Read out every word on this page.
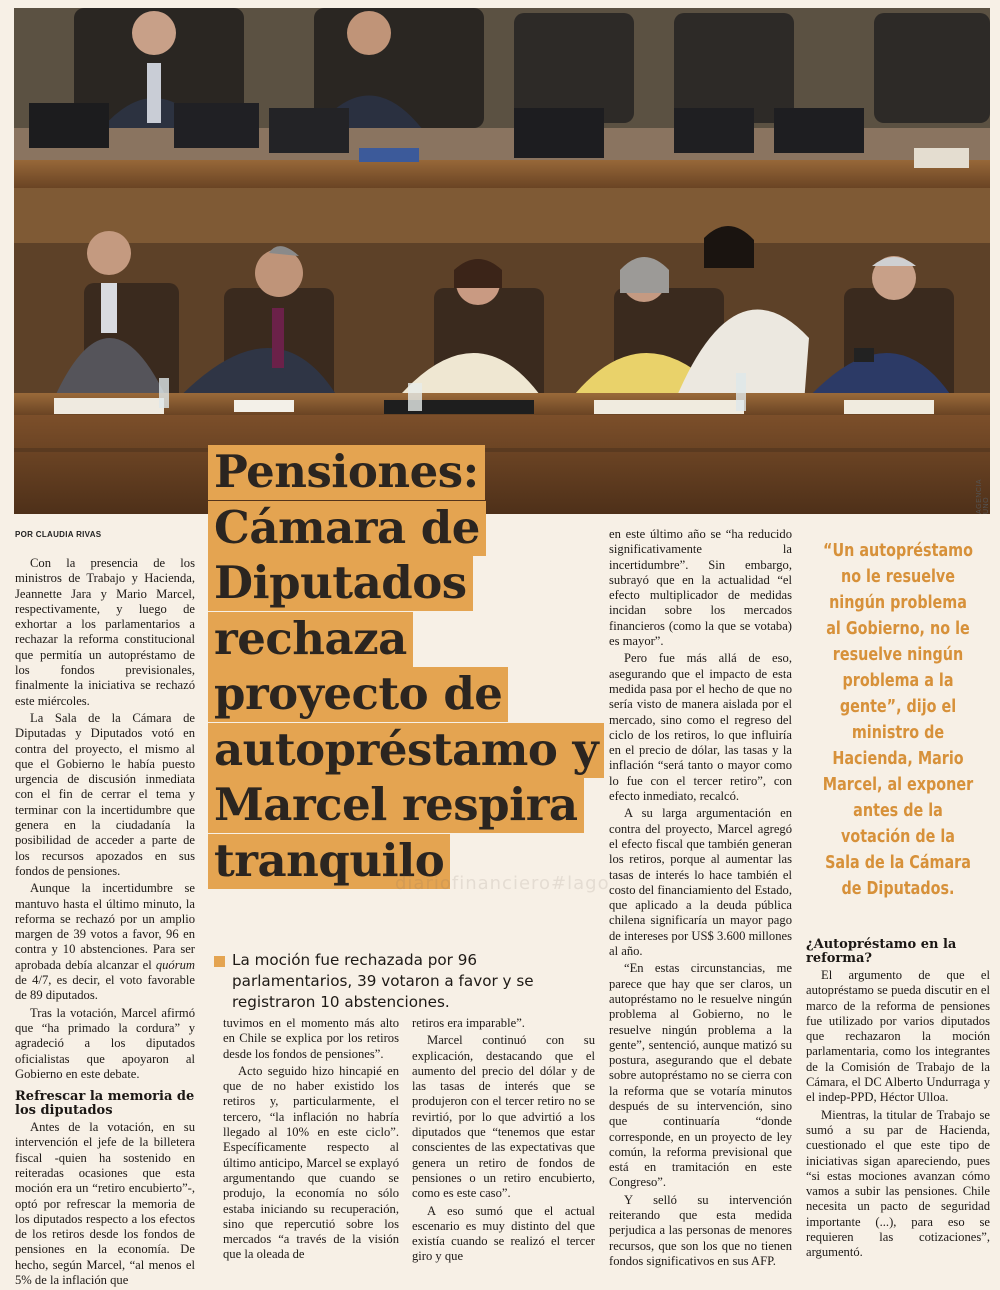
AGENCIA UNO
Pensiones: Cámara de Diputados rechaza proyecto de autopréstamo y Marcel respira tranquilo
POR CLAUDIA RIVAS

Con la presencia de los ministros de Trabajo y Hacienda, Jeannette Jara y Mario Marcel, respectivamente, y luego de exhortar a los parlamentarios a rechazar la reforma constitucional que permitía un autopréstamo de los fondos previsionales, finalmente la iniciativa se rechazó este miércoles.

La Sala de la Cámara de Diputadas y Diputados votó en contra del proyecto, el mismo al que el Gobierno le había puesto urgencia de discusión inmediata con el fin de cerrar el tema y terminar con la incertidumbre que genera en la ciudadanía la posibilidad de acceder a parte de los recursos apozados en sus fondos de pensiones.

Aunque la incertidumbre se mantuvo hasta el último minuto, la reforma se rechazó por un amplio margen de 39 votos a favor, 96 en contra y 10 abstenciones. Para ser aprobada debía alcanzar el quórum de 4/7, es decir, el voto favorable de 89 diputados.

Tras la votación, Marcel afirmó que “ha primado la cordura” y agradeció a los diputados oficialistas que apoyaron al Gobierno en este debate.

Refrescar la memoria de los diputados

Antes de la votación, en su intervención el jefe de la billetera fiscal -quien ha sostenido en reiteradas ocasiones que esta moción era un “retiro encubierto”-, optó por refrescar la memoria de los diputados respecto a los efectos de los retiros desde los fondos de pensiones en la economía. De hecho, según Marcel, “al menos el 5% de la inflación que

La moción fue rechazada por 96 parlamentarios, 39 votaron a favor y se registraron 10 abstenciones.

tuvimos en el momento más alto en Chile se explica por los retiros desde los fondos de pensiones”.

Acto seguido hizo hincapié en que de no haber existido los retiros y, particularmente, el tercero, “la inflación no habría llegado al 10% en este ciclo”. Específicamente respecto al último anticipo, Marcel se explayó argumentando que cuando se produjo, la economía no sólo estaba iniciando su recuperación, sino que repercutió sobre los mercados “a través de la visión que la oleada de

retiros era imparable”.

Marcel continuó con su explicación, destacando que el aumento del precio del dólar y de las tasas de interés que se produjeron con el tercer retiro no se revirtió, por lo que advirtió a los diputados que “tenemos que estar conscientes de las expectativas que genera un retiro de fondos de pensiones o un retiro encubierto, como es este caso”.

A eso sumó que el actual escenario es muy distinto del que existía cuando se realizó el tercer giro y que

en este último año se “ha reducido significativamente la incertidumbre”. Sin embargo, subrayó que en la actualidad “el efecto multiplicador de medidas incidan sobre los mercados financieros (como la que se votaba) es mayor”.

Pero fue más allá de eso, asegurando que el impacto de esta medida pasa por el hecho de que no sería visto de manera aislada por el mercado, sino como el regreso del ciclo de los retiros, lo que influiría en el precio de dólar, las tasas y la inflación “será tanto o mayor como lo fue con el tercer retiro”, con efecto inmediato, recalcó.

A su larga argumentación en contra del proyecto, Marcel agregó el efecto fiscal que también generan los retiros, porque al aumentar las tasas de interés lo hace también el costo del financiamiento del Estado, que aplicado a la deuda pública chilena significaría un mayor pago de intereses por US$ 3.600 millones al año.

“En estas circunstancias, me parece que hay que ser claros, un autopréstamo no le resuelve ningún problema al Gobierno, no le resuelve ningún problema a la gente”, sentenció, aunque matizó su postura, asegurando que el debate sobre autopréstamo no se cierra con la reforma que se votaría minutos después de su intervención, sino que continuaría “donde corresponde, en un proyecto de ley común, la reforma previsional que está en tramitación en este Congreso”.

Y selló su intervención reiterando que esta medida perjudica a las personas de menores recursos, que son los que no tienen fondos significativos en sus AFP.

“Un autopréstamo no le resuelve ningún problema al Gobierno, no le resuelve ningún problema a la gente”, dijo el ministro de Hacienda, Mario Marcel, al exponer antes de la votación de la Sala de la Cámara de Diputados.
¿Autopréstamo en la reforma?

El argumento de que el autopréstamo se pueda discutir en el marco de la reforma de pensiones fue utilizado por varios diputados que rechazaron la moción parlamentaria, como los integrantes de la Comisión de Trabajo de la Cámara, el DC Alberto Undurraga y el indep-PPD, Héctor Ulloa.

Mientras, la titular de Trabajo se sumó a su par de Hacienda, cuestionado el que este tipo de iniciativas sigan apareciendo, pues “si estas mociones avanzan cómo vamos a subir las pensiones. Chile necesita un pacto de seguridad importante (...), para eso se requieren las cotizaciones”, argumentó.

diariofinanciero#lago
